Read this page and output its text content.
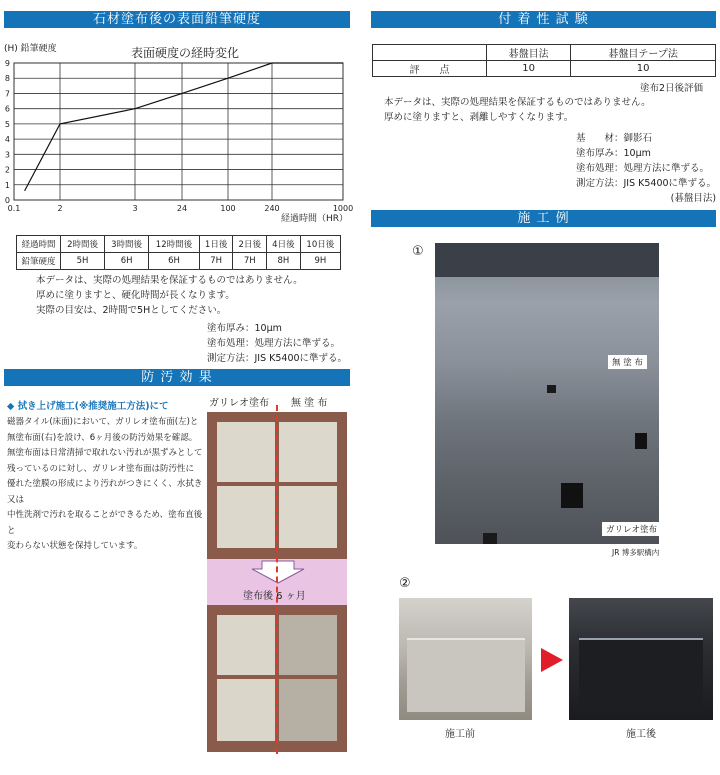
石材塗布後の表面鉛筆硬度
(H) 鉛筆硬度	表面硬度の経時変化
0
1
2
3
4
5
6
7
8
9
0.1	2	3	24	100	240	1000
経過時間（HR）
経過時間	2時間後	3時間後	12時間後	1日後	2日後	4日後	10日後
鉛筆硬度	5H	6H	6H	7H	7H	8H	9H
本データは、実際の処理結果を保証するものではありません。
厚めに塗りますと、硬化時間が長くなります。
実際の目安は、2時間で5Hとしてください。
塗布厚み：10μm
塗布処理：処理方法に準ずる。
測定方法：JIS K5400に準ずる。
防 汚 効 果
◆ 拭き上げ施工(※推奨施工方法)にて
磁器タイル(床面)において、ガリレオ塗布面(左)と
無塗布面(右)を設け、6ヶ月後の防汚効果を確認。
無塗布面は日常清掃で取れない汚れが黒ずみとして
残っているのに対し、ガリレオ塗布面は防汚性に
優れた塗膜の形成により汚れがつきにくく、水拭き又は
中性洗剤で汚れを取ることができるため、塗布直後と
変わらない状態を保持しています。
ガリレオ塗布 無 塗 布
塗布後 6 ヶ月
付 着 性 試 験
	碁盤目法	碁盤目テープ法
評　　点	10	10
塗布2日後評価
本データは、実際の処理結果を保証するものではありません。
厚めに塗りますと、剥離しやすくなります。
基　　材：御影石
塗布厚み：10μm
塗布処理：処理方法に準ずる。
測定方法：JIS K5400に準ずる。
(碁盤目法)
施 工 例
①
無 塗 布
ガリレオ塗布
JR 博多駅構内
②
施工前	施工後
